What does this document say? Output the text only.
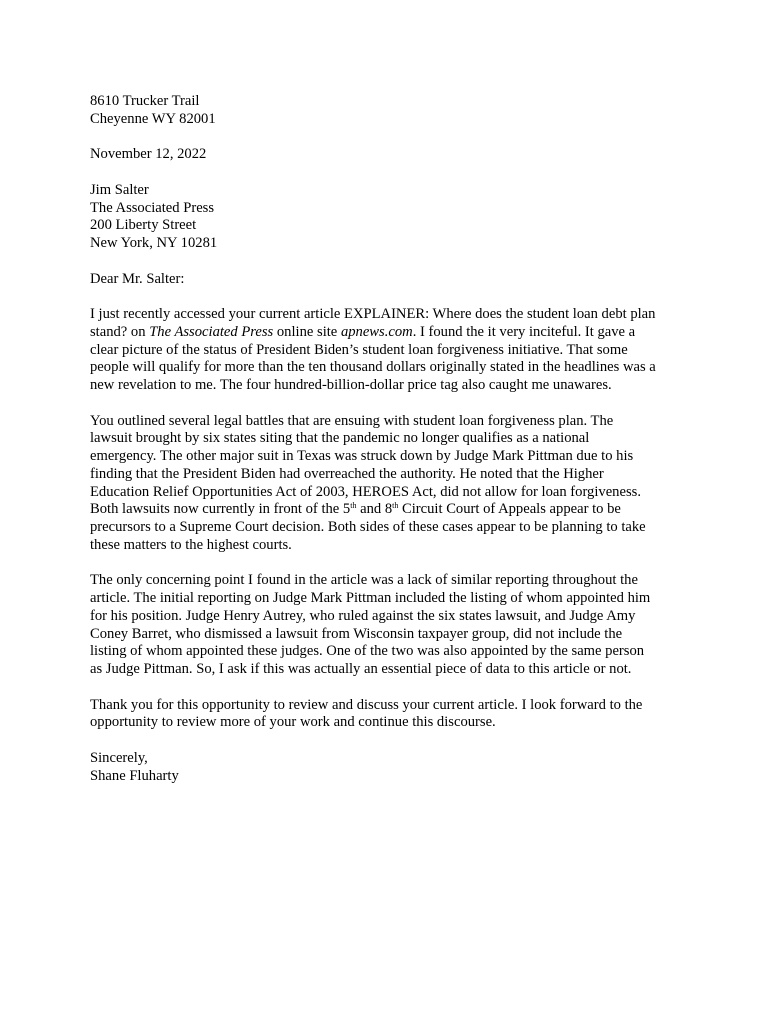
8610 Trucker Trail
Cheyenne WY 82001
November 12, 2022
Jim Salter
The Associated Press
200 Liberty Street
New York, NY 10281
Dear Mr. Salter:
I just recently accessed your current article EXPLAINER: Where does the student loan debt plan
stand? on The Associated Press online site apnews.com. I found the it very inciteful. It gave a
clear picture of the status of President Biden’s student loan forgiveness initiative. That some
people will qualify for more than the ten thousand dollars originally stated in the headlines was a
new revelation to me. The four hundred-billion-dollar price tag also caught me unawares.
You outlined several legal battles that are ensuing with student loan forgiveness plan. The
lawsuit brought by six states siting that the pandemic no longer qualifies as a national
emergency. The other major suit in Texas was struck down by Judge Mark Pittman due to his
finding that the President Biden had overreached the authority. He noted that the Higher
Education Relief Opportunities Act of 2003, HEROES Act, did not allow for loan forgiveness.
Both lawsuits now currently in front of the 5th and 8th Circuit Court of Appeals appear to be
precursors to a Supreme Court decision. Both sides of these cases appear to be planning to take
these matters to the highest courts.
The only concerning point I found in the article was a lack of similar reporting throughout the
article. The initial reporting on Judge Mark Pittman included the listing of whom appointed him
for his position. Judge Henry Autrey, who ruled against the six states lawsuit, and Judge Amy
Coney Barret, who dismissed a lawsuit from Wisconsin taxpayer group, did not include the
listing of whom appointed these judges. One of the two was also appointed by the same person
as Judge Pittman. So, I ask if this was actually an essential piece of data to this article or not.
Thank you for this opportunity to review and discuss your current article. I look forward to the
opportunity to review more of your work and continue this discourse.
Sincerely,
Shane Fluharty
